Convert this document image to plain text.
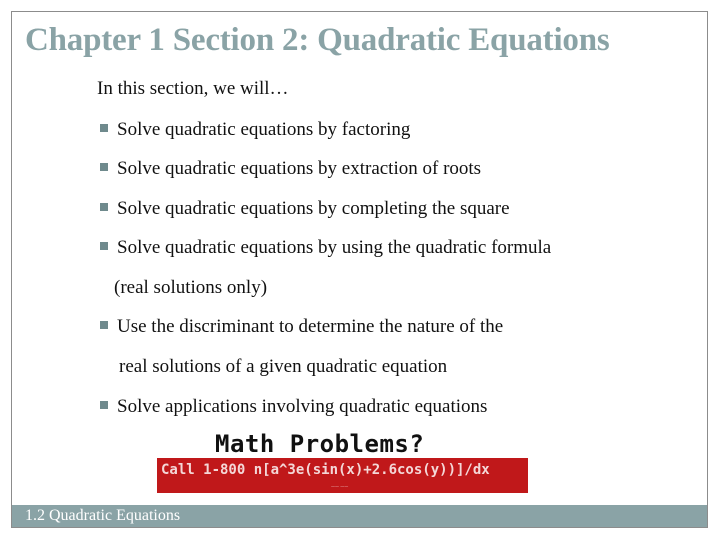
Chapter 1 Section 2: Quadratic Equations
In this section, we will…
Solve quadratic equations by factoring
Solve quadratic equations by extraction of roots
Solve quadratic equations by completing the square
Solve quadratic equations by using the quadratic formula
(real solutions only)
Use the discriminant to determine the nature of the
real solutions of a given quadratic equation
Solve applications involving quadratic equations
Math Problems?
Call 1-800 n[a^3e(sin(x)+2.6cos(y))]/dx
—— ——
1.2 Quadratic Equations
